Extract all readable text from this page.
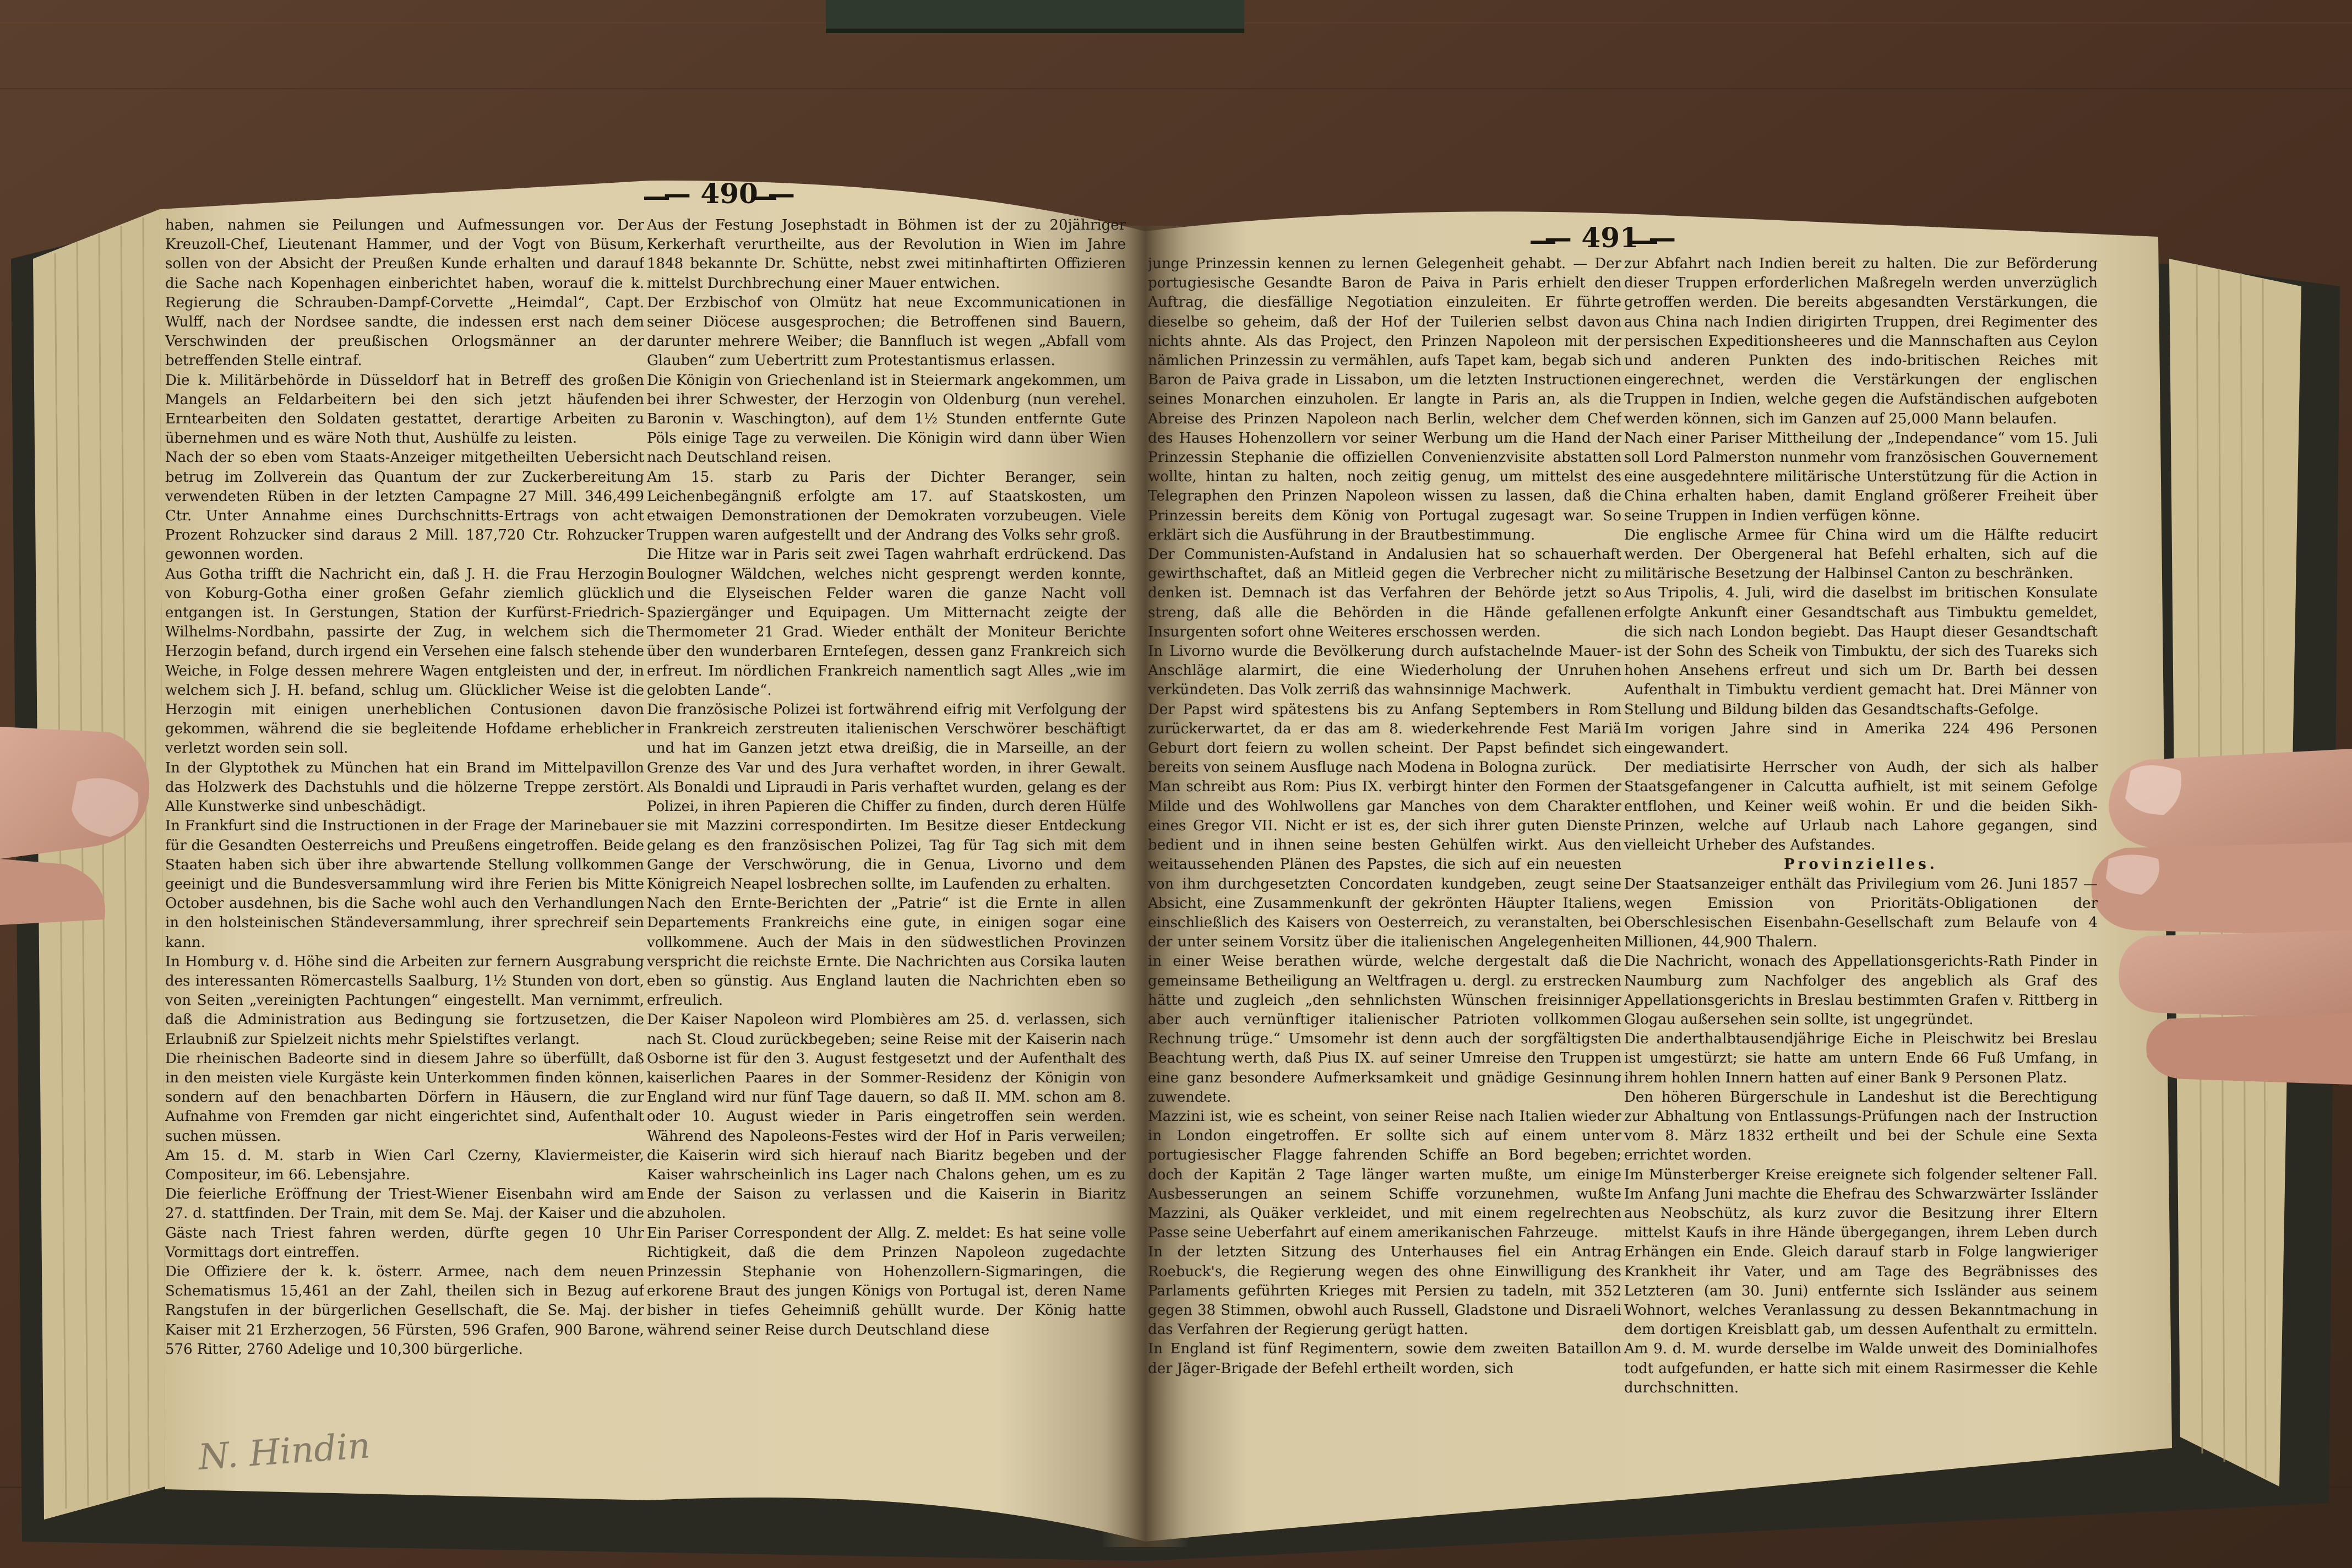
— 490 —
— 491 —

haben, nahmen sie Peilungen und Aufmessungen vor. Der Kreuzoll-Chef, Lieutenant Hammer, und der Vogt von Büsum, sollen von der Absicht der Preußen Kunde erhalten und darauf die Sache nach Kopenhagen einberichtet haben, worauf die k. Regierung die Schrauben-Dampf-Corvette „Heimdal“, Capt. Wulff, nach der Nordsee sandte, die indessen erst nach dem Verschwinden der preußischen Orlogsmänner an der betreffenden Stelle eintraf.

Die k. Militärbehörde in Düsseldorf hat in Betreff des großen Mangels an Feldarbeitern bei den sich jetzt häufenden Erntearbeiten den Soldaten gestattet, derartige Arbeiten zu übernehmen und es wäre Noth thut, Aushülfe zu leisten.

Nach der so eben vom Staats-Anzeiger mitgetheilten Uebersicht betrug im Zollverein das Quantum der zur Zuckerbereitung verwendeten Rüben in der letzten Campagne 27 Mill. 346,499 Ctr. Unter Annahme eines Durchschnitts-Ertrags von acht Prozent Rohzucker sind daraus 2 Mill. 187,720 Ctr. Rohzucker gewonnen worden.

Aus Gotha trifft die Nachricht ein, daß J. H. die Frau Herzogin von Koburg-Gotha einer großen Gefahr ziemlich glücklich entgangen ist. In Gerstungen, Station der Kurfürst-Friedrich-Wilhelms-Nordbahn, passirte der Zug, in welchem sich die Herzogin befand, durch irgend ein Versehen eine falsch stehende Weiche, in Folge dessen mehrere Wagen entgleisten und der, in welchem sich J. H. befand, schlug um. Glücklicher Weise ist die Herzogin mit einigen unerheblichen Contusionen davon gekommen, während die sie begleitende Hofdame erheblicher verletzt worden sein soll.

In der Glyptothek zu München hat ein Brand im Mittelpavillon das Holzwerk des Dachstuhls und die hölzerne Treppe zerstört. Alle Kunstwerke sind unbeschädigt.

In Frankfurt sind die Instructionen in der Frage der Marinebauer für die Gesandten Oesterreichs und Preußens eingetroffen. Beide Staaten haben sich über ihre abwartende Stellung vollkommen geeinigt und die Bundesversammlung wird ihre Ferien bis Mitte October ausdehnen, bis die Sache wohl auch den Verhandlungen in den holsteinischen Ständeversammlung, ihrer sprechreif sein kann.

In Homburg v. d. Höhe sind die Arbeiten zur fernern Ausgrabung des interessanten Römercastells Saalburg, 1½ Stunden von dort, von Seiten „vereinigten Pachtungen“ eingestellt. Man vernimmt, daß die Administration aus Bedingung sie fortzusetzen, die Erlaubniß zur Spielzeit nichts mehr Spielstiftes verlangt.

Die rheinischen Badeorte sind in diesem Jahre so überfüllt, daß in den meisten viele Kurgäste kein Unterkommen finden können, sondern auf den benachbarten Dörfern in Häusern, die zur Aufnahme von Fremden gar nicht eingerichtet sind, Aufenthalt suchen müssen.

Am 15. d. M. starb in Wien Carl Czerny, Klaviermeister, Compositeur, im 66. Lebensjahre.

Die feierliche Eröffnung der Triest-Wiener Eisenbahn wird am 27. d. stattfinden. Der Train, mit dem Se. Maj. der Kaiser und die Gäste nach Triest fahren werden, dürfte gegen 10 Uhr Vormittags dort eintreffen.

Die Offiziere der k. k. österr. Armee, nach dem neuen Schematismus 15,461 an der Zahl, theilen sich in Bezug auf Rangstufen in der bürgerlichen Gesellschaft, die Se. Maj. der Kaiser mit 21 Erzherzogen, 56 Fürsten, 596 Grafen, 900 Barone, 576 Ritter, 2760 Adelige und 10,300 bürgerliche.

Aus der Festung Josephstadt in Böhmen ist der zu 20jähriger Kerkerhaft verurtheilte, aus der Revolution in Wien im Jahre 1848 bekannte Dr. Schütte, nebst zwei mitinhaftirten Offizieren mittelst Durchbrechung einer Mauer entwichen.

Der Erzbischof von Olmütz hat neue Excommunicationen in seiner Diöcese ausgesprochen; die Betroffenen sind Bauern, darunter mehrere Weiber; die Bannfluch ist wegen „Abfall vom Glauben“ zum Uebertritt zum Protestantismus erlassen.

Die Königin von Griechenland ist in Steiermark angekommen, um bei ihrer Schwester, der Herzogin von Oldenburg (nun verehel. Baronin v. Waschington), auf dem 1½ Stunden entfernte Gute Pöls einige Tage zu verweilen. Die Königin wird dann über Wien nach Deutschland reisen.

Am 15. starb zu Paris der Dichter Beranger, sein Leichenbegängniß erfolgte am 17. auf Staatskosten, um etwaigen Demonstrationen der Demokraten vorzubeugen. Viele Truppen waren aufgestellt und der Andrang des Volks sehr groß.

Die Hitze war in Paris seit zwei Tagen wahrhaft erdrückend. Das Boulogner Wäldchen, welches nicht gesprengt werden konnte, und die Elyseischen Felder waren die ganze Nacht voll Spaziergänger und Equipagen. Um Mitternacht zeigte der Thermometer 21 Grad. Wieder enthält der Moniteur Berichte über den wunderbaren Ernteſegen, dessen ganz Frankreich sich erfreut. Im nördlichen Frankreich namentlich sagt Alles „wie im gelobten Lande“.

Die französische Polizei ist fortwährend eifrig mit Verfolgung der in Frankreich zerstreuten italienischen Verschwörer beschäftigt und hat im Ganzen jetzt etwa dreißig, die in Marseille, an der Grenze des Var und des Jura verhaftet worden, in ihrer Gewalt. Als Bonaldi und Lipraudi in Paris verhaftet wurden, gelang es der Polizei, in ihren Papieren die Chiffer zu finden, durch deren Hülfe sie mit Mazzini correspondirten. Im Besitze dieser Entdeckung gelang es den französischen Polizei, Tag für Tag sich mit dem Gange der Verschwörung, die in Genua, Livorno und dem Königreich Neapel losbrechen sollte, im Laufenden zu erhalten.

Nach den Ernte-Berichten der „Patrie“ ist die Ernte in allen Departements Frankreichs eine gute, in einigen sogar eine vollkommene. Auch der Mais in den südwestlichen Provinzen verspricht die reichste Ernte. Die Nachrichten aus Corsika lauten eben so günstig. Aus England lauten die Nachrichten eben so erfreulich.

Der Kaiser Napoleon wird Plombières am 25. d. verlassen, sich nach St. Cloud zurückbegeben; seine Reise mit der Kaiserin nach Osborne ist für den 3. August festgesetzt und der Aufenthalt des kaiserlichen Paares in der Sommer-Residenz der Königin von England wird nur fünf Tage dauern, so daß II. MM. schon am 8. oder 10. August wieder in Paris eingetroffen sein werden. Während des Napoleons-Festes wird der Hof in Paris verweilen; die Kaiserin wird sich hierauf nach Biaritz begeben und der Kaiser wahrscheinlich ins Lager nach Chalons gehen, um es zu Ende der Saison zu verlassen und die Kaiserin in Biaritz abzuholen.

Ein Pariser Correspondent der Allg. Z. meldet: Es hat seine volle Richtigkeit, daß die dem Prinzen Napoleon zugedachte Prinzessin Stephanie von Hohenzollern-Sigmaringen, die erkorene Braut des jungen Königs von Portugal ist, deren Name bisher in tiefes Geheimniß gehüllt wurde. Der König hatte während seiner Reise durch Deutschland diese

N. Hindin

junge Prinzessin kennen zu lernen Gelegenheit gehabt. — Der portugiesische Gesandte Baron de Paiva in Paris erhielt den Auftrag, die diesfällige Negotiation einzuleiten. Er führte dieselbe so geheim, daß der Hof der Tuilerien selbst davon nichts ahnte. Als das Project, den Prinzen Napoleon mit der nämlichen Prinzessin zu vermählen, aufs Tapet kam, begab sich Baron de Paiva grade in Lissabon, um die letzten Instructionen seines Monarchen einzuholen. Er langte in Paris an, als die Abreise des Prinzen Napoleon nach Berlin, welcher dem Chef des Hauses Hohenzollern vor seiner Werbung um die Hand der Prinzessin Stephanie die offiziellen Convenienzvisite abstatten wollte, hintan zu halten, noch zeitig genug, um mittelst des Telegraphen den Prinzen Napoleon wissen zu lassen, daß die Prinzessin bereits dem König von Portugal zugesagt war. So erklärt sich die Ausführung in der Brautbestimmung.

Der Communisten-Aufstand in Andalusien hat so schauerhaft gewirthschaftet, daß an Mitleid gegen die Verbrecher nicht zu denken ist. Demnach ist das Verfahren der Behörde jetzt so streng, daß alle die Behörden in die Hände gefallenen Insurgenten sofort ohne Weiteres erschossen werden.

In Livorno wurde die Bevölkerung durch aufstachelnde Mauer-Anschläge alarmirt, die eine Wiederholung der Unruhen verkündeten. Das Volk zerriß das wahnsinnige Machwerk.

Der Papst wird spätestens bis zu Anfang Septembers in Rom zurückerwartet, da er das am 8. wiederkehrende Fest Mariä Geburt dort feiern zu wollen scheint. Der Papst befindet sich bereits von seinem Ausfluge nach Modena in Bologna zurück.

Man schreibt aus Rom: Pius IX. verbirgt hinter den Formen der Milde und des Wohlwollens gar Manches von dem Charakter eines Gregor VII. Nicht er ist es, der sich ihrer guten Dienste bedient und in ihnen seine besten Gehülfen wirkt. Aus den weitaussehenden Plänen des Papstes, die sich auf ein neuesten von ihm durchgesetzten Concordaten kundgeben, zeugt seine Absicht, eine Zusammenkunft der gekrönten Häupter Italiens, einschließlich des Kaisers von Oesterreich, zu veranstalten, bei der unter seinem Vorsitz über die italienischen Angelegenheiten in einer Weise berathen würde, welche dergestalt daß die gemeinsame Betheiligung an Weltfragen u. dergl. zu erstrecken hätte und zugleich „den sehnlichsten Wünschen freisinniger aber auch vernünftiger italienischer Patrioten vollkommen Rechnung trüge.“ Umsomehr ist denn auch der sorgfältigsten Beachtung werth, daß Pius IX. auf seiner Umreise den Truppen eine ganz besondere Aufmerksamkeit und gnädige Gesinnung zuwendete.

Mazzini ist, wie es scheint, von seiner Reise nach Italien wieder in London eingetroffen. Er sollte sich auf einem unter portugiesischer Flagge fahrenden Schiffe an Bord begeben; doch der Kapitän 2 Tage länger warten mußte, um einige Ausbesserungen an seinem Schiffe vorzunehmen, wußte Mazzini, als Quäker verkleidet, und mit einem regelrechten Passe seine Ueberfahrt auf einem amerikanischen Fahrzeuge.

In der letzten Sitzung des Unterhauses fiel ein Antrag Roebuck's, die Regierung wegen des ohne Einwilligung des Parlaments geführten Krieges mit Persien zu tadeln, mit 352 gegen 38 Stimmen, obwohl auch Russell, Gladstone und Disraeli das Verfahren der Regierung gerügt hatten.

In England ist fünf Regimentern, sowie dem zweiten Bataillon der Jäger-Brigade der Befehl ertheilt worden, sich

zur Abfahrt nach Indien bereit zu halten. Die zur Beförderung dieser Truppen erforderlichen Maßregeln werden unverzüglich getroffen werden. Die bereits abgesandten Verstärkungen, die aus China nach Indien dirigirten Truppen, drei Regimenter des persischen Expeditionsheeres und die Mannschaften aus Ceylon und anderen Punkten des indo-britischen Reiches mit eingerechnet, werden die Verstärkungen der englischen Truppen in Indien, welche gegen die Aufständischen aufgeboten werden können, sich im Ganzen auf 25,000 Mann belaufen.

Nach einer Pariser Mittheilung der „Independance“ vom 15. Juli soll Lord Palmerston nunmehr vom französischen Gouvernement eine ausgedehntere militärische Unterstützung für die Action in China erhalten haben, damit England größerer Freiheit über seine Truppen in Indien verfügen könne.

Die englische Armee für China wird um die Hälfte reducirt werden. Der Obergeneral hat Befehl erhalten, sich auf die militärische Besetzung der Halbinsel Canton zu beschränken.

Aus Tripolis, 4. Juli, wird die daselbst im britischen Konsulate erfolgte Ankunft einer Gesandtschaft aus Timbuktu gemeldet, die sich nach London begiebt. Das Haupt dieser Gesandtschaft ist der Sohn des Scheik von Timbuktu, der sich des Tuareks sich hohen Ansehens erfreut und sich um Dr. Barth bei dessen Aufenthalt in Timbuktu verdient gemacht hat. Drei Männer von Stellung und Bildung bilden das Gesandtschafts-Gefolge.

Im vorigen Jahre sind in Amerika 224 496 Personen eingewandert.

Der mediatisirte Herrscher von Audh, der sich als halber Staatsgefangener in Calcutta aufhielt, ist mit seinem Gefolge entflohen, und Keiner weiß wohin. Er und die beiden Sikh-Prinzen, welche auf Urlaub nach Lahore gegangen, sind vielleicht Urheber des Aufstandes.

Provinzielles.

Der Staatsanzeiger enthält das Privilegium vom 26. Juni 1857 — wegen Emission von Prioritäts-Obligationen der Oberschlesischen Eisenbahn-Gesellschaft zum Belaufe von 4 Millionen, 44,900 Thalern.

Die Nachricht, wonach des Appellationsgerichts-Rath Pinder in Naumburg zum Nachfolger des angeblich als Graf des Appellationsgerichts in Breslau bestimmten Grafen v. Rittberg in Glogau außersehen sein sollte, ist ungegründet.

Die anderthalbtausendjährige Eiche in Pleischwitz bei Breslau ist umgestürzt; sie hatte am untern Ende 66 Fuß Umfang, in ihrem hohlen Innern hatten auf einer Bank 9 Personen Platz.

Den höheren Bürgerschule in Landeshut ist die Berechtigung zur Abhaltung von Entlassungs-Prüfungen nach der Instruction vom 8. März 1832 ertheilt und bei der Schule eine Sexta errichtet worden.

Im Münsterberger Kreise ereignete sich folgender seltener Fall. Im Anfang Juni machte die Ehefrau des Schwarzwärter Issländer aus Neobschütz, als kurz zuvor die Besitzung ihrer Eltern mittelst Kaufs in ihre Hände übergegangen, ihrem Leben durch Erhängen ein Ende. Gleich darauf starb in Folge langwieriger Krankheit ihr Vater, und am Tage des Begräbnisses des Letzteren (am 30. Juni) entfernte sich Issländer aus seinem Wohnort, welches Veranlassung zu dessen Bekanntmachung in dem dortigen Kreisblatt gab, um dessen Aufenthalt zu ermitteln. Am 9. d. M. wurde derselbe im Walde unweit des Dominialhofes todt aufgefunden, er hatte sich mit einem Rasirmesser die Kehle durchschnitten.
